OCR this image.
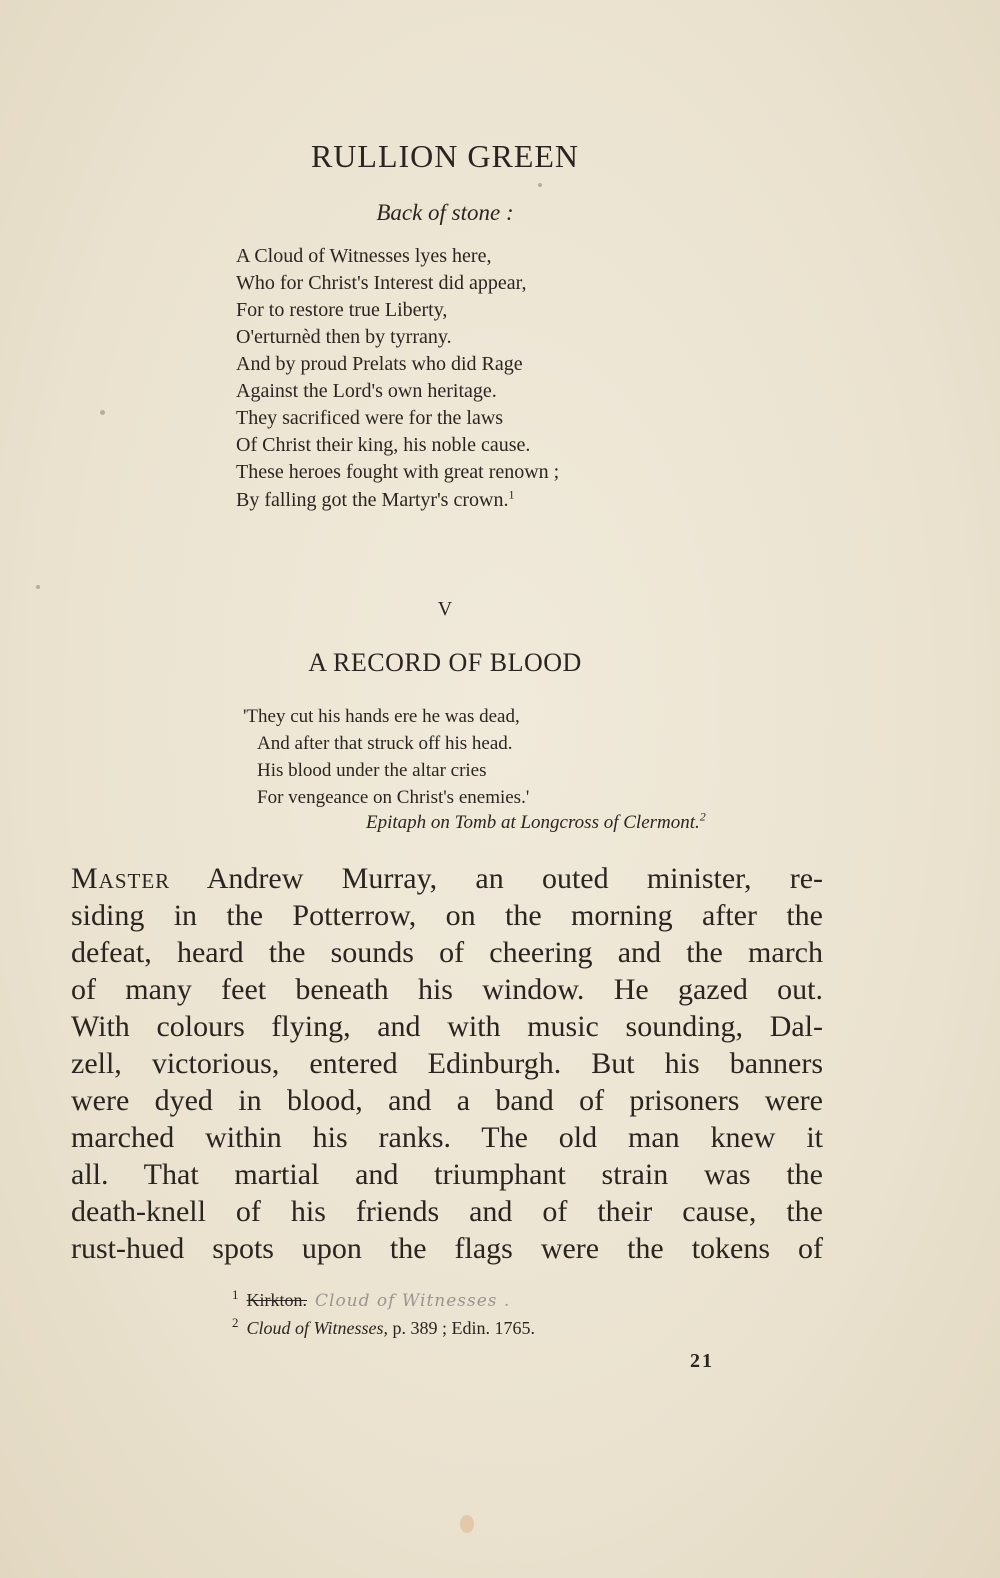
RULLION GREEN
Back of stone :
A Cloud of Witnesses lyes here,
Who for Christ's Interest did appear,
For to restore true Liberty,
O'erturnèd then by tyrrany.
And by proud Prelats who did Rage
Against the Lord's own heritage.
They sacrificed were for the laws
Of Christ their king, his noble cause.
These heroes fought with great renown ;
By falling got the Martyr's crown.$^1$
V
A RECORD OF BLOOD
'They cut his hands ere he was dead,
And after that struck off his head.
His blood under the altar cries
For vengeance on Christ's enemies.'
Epitaph on Tomb at Longcross of Clermont.$^2$
Master Andrew Murray, an outed minister, re-
siding in the Potterrow, on the morning after the
defeat, heard the sounds of cheering and the march
of many feet beneath his window. He gazed out.
With colours flying, and with music sounding, Dal-
zell, victorious, entered Edinburgh. But his banners
were dyed in blood, and a band of prisoners were
marched within his ranks. The old man knew it
all. That martial and triumphant strain was the
death-knell of his friends and of their cause, the
rust-hued spots upon the flags were the tokens of
$^1$ Kirkton. Cloud of Witnesses .
$^2$ Cloud of Witnesses, p. 389 ; Edin. 1765.
21
